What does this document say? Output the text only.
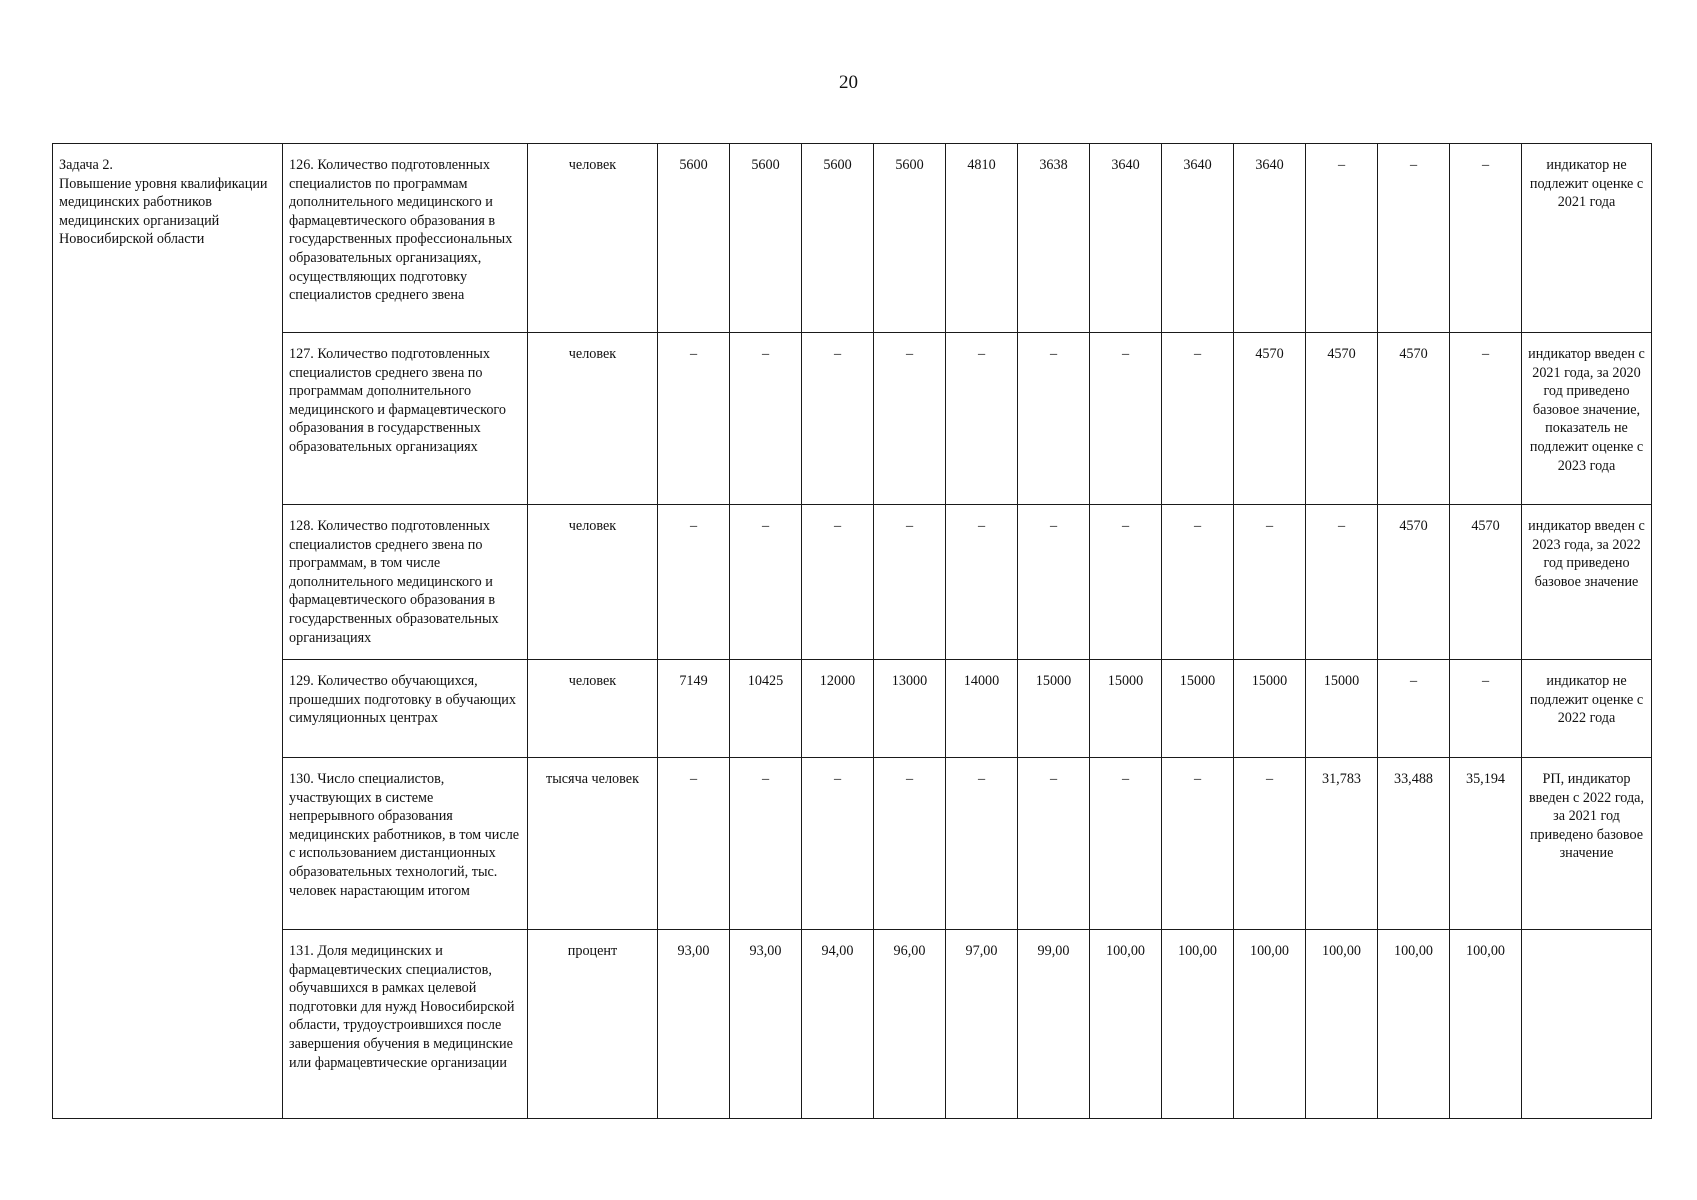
20
Задача 2.
Повышение уровня квалификации медицинских работников медицинских организаций Новосибирской области	126. Количество подготовленных специалистов по программам дополнительного медицинского и фармацевтического образования в государственных профессиональных образовательных организациях, осуществляющих подготовку специалистов среднего звена	человек	5600	5600	5600	5600	4810	3638	3640	3640	3640	–	–	–	индикатор не подлежит оценке с 2021 года
	127. Количество подготовленных специалистов среднего звена по программам дополнительного медицинского и фармацевтического образования в государственных образовательных организациях	человек	–	–	–	–	–	–	–	–	4570	4570	4570	–	индикатор введен с 2021 года, за 2020 год приведено базовое значение, показатель не подлежит оценке с 2023 года
	128. Количество подготовленных специалистов среднего звена по программам, в том числе дополнительного медицинского и фармацевтического образования в государственных образовательных организациях	человек	–	–	–	–	–	–	–	–	–	–	4570	4570	индикатор введен с 2023 года, за 2022 год приведено базовое значение
	129. Количество обучающихся, прошедших подготовку в обучающих симуляционных центрах	человек	7149	10425	12000	13000	14000	15000	15000	15000	15000	15000	–	–	индикатор не подлежит оценке с 2022 года
	130. Число специалистов, участвующих в системе непрерывного образования медицинских работников, в том числе с использованием дистанционных образовательных технологий, тыс. человек нарастающим итогом	тысяча человек	–	–	–	–	–	–	–	–	–	31,783	33,488	35,194	РП, индикатор введен с 2022 года, за 2021 год приведено базовое значение
	131. Доля медицинских и фармацевтических специалистов, обучавшихся в рамках целевой подготовки для нужд Новосибирской области, трудоустроившихся после завершения обучения в медицинские или фармацевтические организации	процент	93,00	93,00	94,00	96,00	97,00	99,00	100,00	100,00	100,00	100,00	100,00	100,00	
